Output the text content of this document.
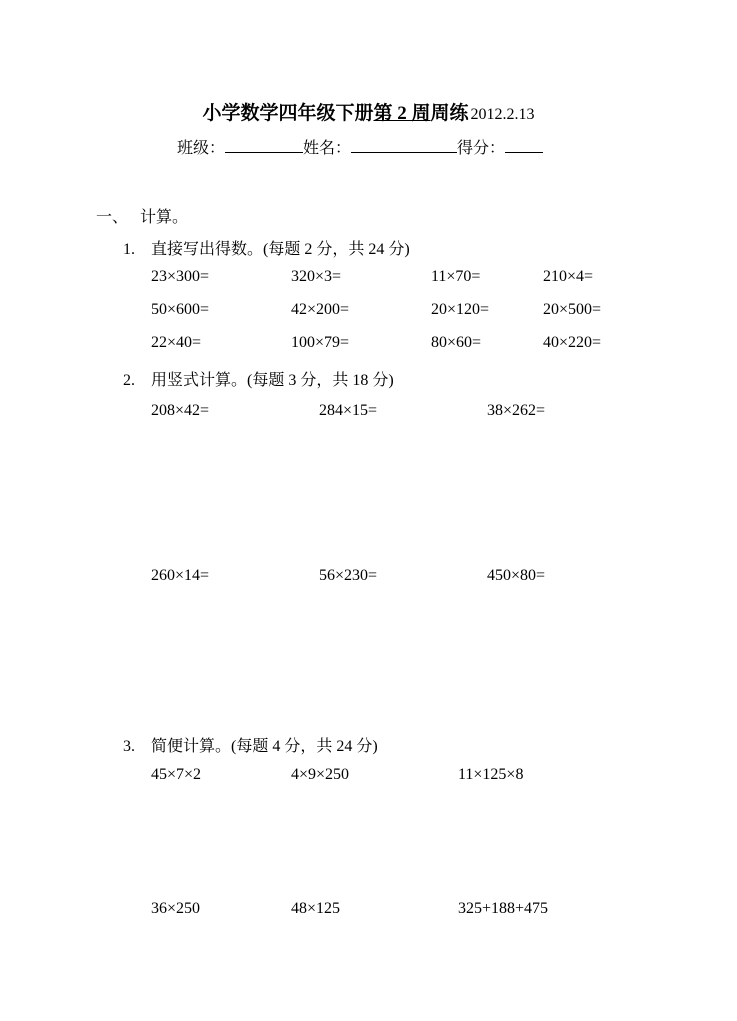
小学数学四年级下册第 2 周周练 2012.2.13
班级：	姓名：	得分：
一、 计算。
1. 直接写出得数。(每题 2 分，共 24 分)
23×300=	320×3=	11×70=	210×4=
50×600=	42×200=	20×120=	20×500=
22×40=	100×79=	80×60=	40×220=
2. 用竖式计算。(每题 3 分，共 18 分)
208×42=	284×15=	38×262=
260×14=	56×230=	450×80=
3. 简便计算。(每题 4 分，共 24 分)
45×7×2	4×9×250	11×125×8
36×250	48×125	325+188+475
